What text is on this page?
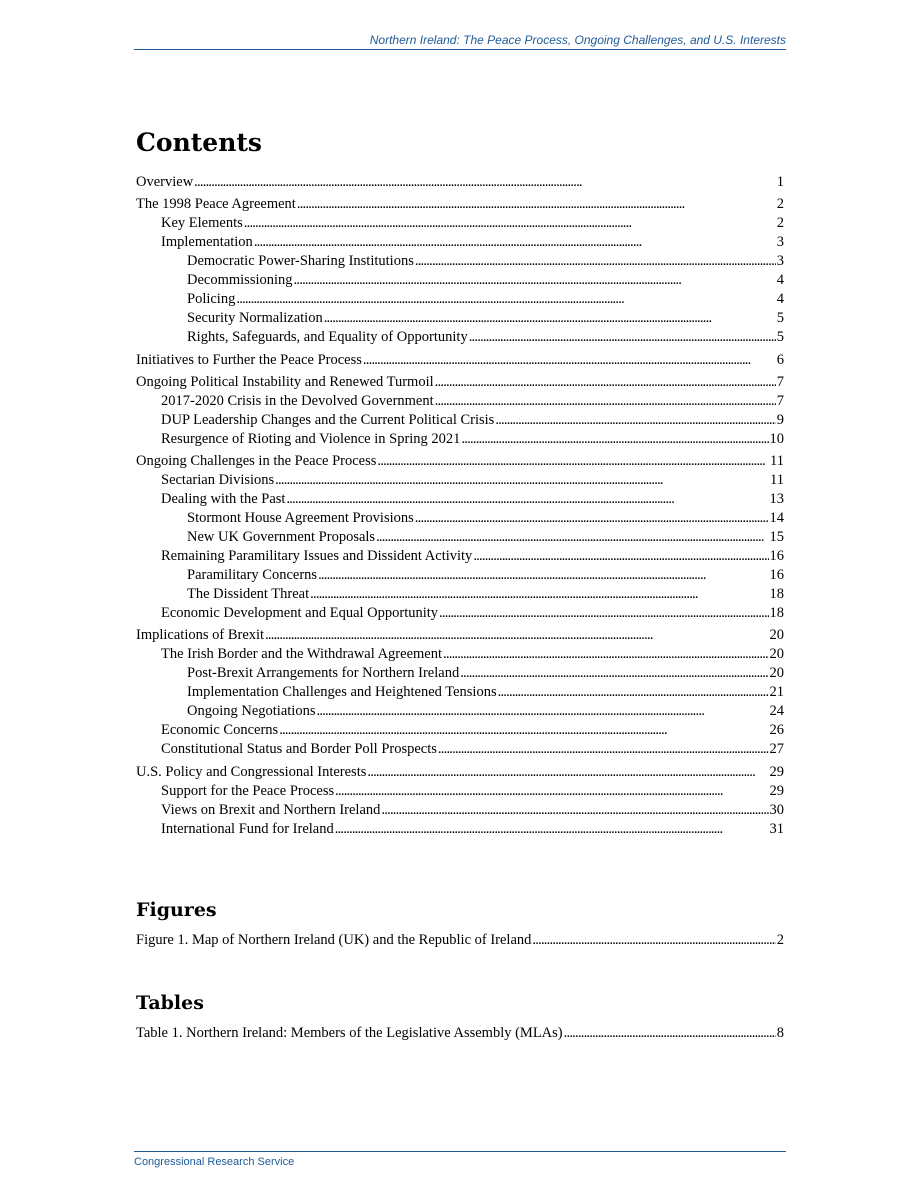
Northern Ireland: The Peace Process, Ongoing Challenges, and U.S. Interests
Contents
Overview . . .	1
The 1998 Peace Agreement . . .	2
Key Elements . . .	2
Implementation . . .	3
Democratic Power-Sharing Institutions . . .	3
Decommissioning . . .	4
Policing . . .	4
Security Normalization . . .	5
Rights, Safeguards, and Equality of Opportunity . . .	5
Initiatives to Further the Peace Process . . .	6
Ongoing Political Instability and Renewed Turmoil . . .	7
2017-2020 Crisis in the Devolved Government . . .	7
DUP Leadership Changes and the Current Political Crisis . . .	9
Resurgence of Rioting and Violence in Spring 2021 . . .	10
Ongoing Challenges in the Peace Process . . .	11
Sectarian Divisions . . .	11
Dealing with the Past . . .	13
Stormont House Agreement Provisions . . .	14
New UK Government Proposals . . .	15
Remaining Paramilitary Issues and Dissident Activity . . .	16
Paramilitary Concerns . . .	16
The Dissident Threat . . .	18
Economic Development and Equal Opportunity . . .	18
Implications of Brexit . . .	20
The Irish Border and the Withdrawal Agreement . . .	20
Post-Brexit Arrangements for Northern Ireland . . .	20
Implementation Challenges and Heightened Tensions . . .	21
Ongoing Negotiations . . .	24
Economic Concerns . . .	26
Constitutional Status and Border Poll Prospects . . .	27
U.S. Policy and Congressional Interests . . .	29
Support for the Peace Process . . .	29
Views on Brexit and Northern Ireland . . .	30
International Fund for Ireland . . .	31
Figures
Figure 1. Map of Northern Ireland (UK) and the Republic of Ireland . . .	2
Tables
Table 1. Northern Ireland: Members of the Legislative Assembly (MLAs) . . .	8
Congressional Research Service
